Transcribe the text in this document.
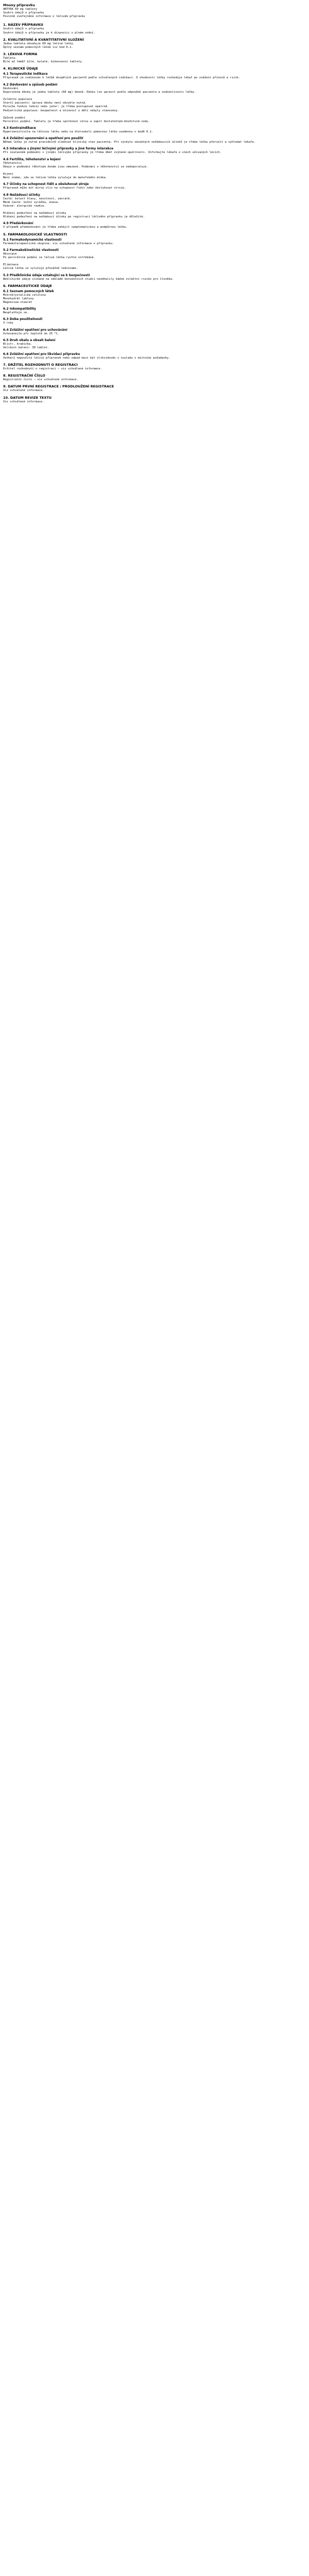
Mnoxy přípravku
ANTYRA 60 mg tablety
Souhrn údajů o přípravku
Povinně zveřejněné informace o léčivém přípravku
1. NÁZEV PŘÍPRAVKU
Souhrn údajů o přípravku
Souhrn údajů o přípravku je k dispozici v plném znění.
2. KVALITATIVNÍ A KVANTITATIVNÍ SLOŽENÍ
Jedna tableta obsahuje 60 mg léčivé látky.
Úplný seznam pomocných látek viz bod 6.1.
3. LÉKOVÁ FORMA
Tableta.
Bílé až téměř bílé, kulaté, bikonvexní tablety.
4. KLINICKÉ ÚDAJE
4.1 Terapeutické indikace
Přípravek je indikován k léčbě dospělých pacientů podle schválených indikací. O vhodnosti léčby rozhoduje lékař po zvážení přínosů a rizik.
4.2 Dávkování a způsob podání
Dávkování
Doporučená dávka je jedna tableta (60 mg) denně. Dávku lze upravit podle odpovědi pacienta a snášenlivosti léčby.

Zvláštní populace
Starší pacienti: úprava dávky není obvykle nutná.
Porucha funkce ledvin nebo jater: je třeba postupovat opatrně.
Pediatrická populace: bezpečnost a účinnost u dětí nebyly stanoveny.

Způsob podání
Perorální podání. Tabletu je třeba spolknout celou a zapít dostatečným množstvím vody.
4.3 Kontraindikace
Hypersenzitivita na léčivou látku nebo na kteroukoli pomocnou látku uvedenou v bodě 6.1.
4.4 Zvláštní upozornění a opatření pro použití
Během léčby je nutné pravidelně sledovat klinický stav pacienta. Při výskytu závažných nežádoucích účinků je třeba léčbu přerušit a vyhledat lékaře.
4.5 Interakce s jinými léčivými přípravky a jiné formy interakce
Při současném podávání s jinými léčivými přípravky je třeba dbát zvýšené opatrnosti. Informujte lékaře o všech užívaných lécích.
4.6 Fertilita, těhotenství a kojení
Těhotenství
Údaje o podávání těhotným ženám jsou omezené. Podávání v těhotenství se nedoporučuje.

Kojení
Není známo, zda se léčivá látka vylučuje do mateřského mléka.
4.7 Účinky na schopnost řídit a obsluhovat stroje
Přípravek může mít mírný vliv na schopnost řídit nebo obsluhovat stroje.
4.8 Nežádoucí účinky
Časté: bolest hlavy, nevolnost, závratě.
Méně časté: kožní vyrážka, únava.
Vzácné: alergické reakce.

Hlášení podezření na nežádoucí účinky
Hlášení podezření na nežádoucí účinky po registraci léčivého přípravku je důležité.
4.9 Předávkování
V případě předávkování je třeba zahájit symptomatickou a podpůrnou léčbu.
5. FARMAKOLOGICKÉ VLASTNOSTI
5.1 Farmakodynamické vlastnosti
Farmakoterapeutická skupina: viz schválené informace o přípravku.
5.2 Farmakokinetické vlastnosti
Absorpce
Po perorálním podání se léčivá látka rychle vstřebává.

Eliminace
Léčivá látka se vylučuje převážně ledvinami.
5.3 Předklinické údaje vztahující se k bezpečnosti
Neklinické údaje získané na základě konvenčních studií neodhalily žádné zvláštní riziko pro člověka.
6. FARMACEUTICKÉ ÚDAJE
6.1 Seznam pomocných látek
Mikrokrystalická celulosa
Monohydrát laktosy
Magnesium-stearát
6.2 Inkompatibility
Neuplatňuje se.
6.3 Doba použitelnosti
3 roky
6.4 Zvláštní opatření pro uchovávání
Uchovávejte při teplotě do 25 °C.
6.5 Druh obalu a obsah balení
Blistr, krabička.
Velikost balení: 30 tablet.
6.6 Zvláštní opatření pro likvidaci přípravku
Veškerý nepoužitý léčivý přípravek nebo odpad musí být zlikvidován v souladu s místními požadavky.
7. DRŽITEL ROZHODNUTÍ O REGISTRACI
Držitel rozhodnutí o registraci – viz schválené informace.
8. REGISTRAČNÍ ČÍSLO
Registrační číslo – viz schválené informace.
9. DATUM PRVNÍ REGISTRACE / PRODLOUŽENÍ REGISTRACE
Viz schválené informace.
10. DATUM REVIZE TEXTU
Viz schválené informace.
